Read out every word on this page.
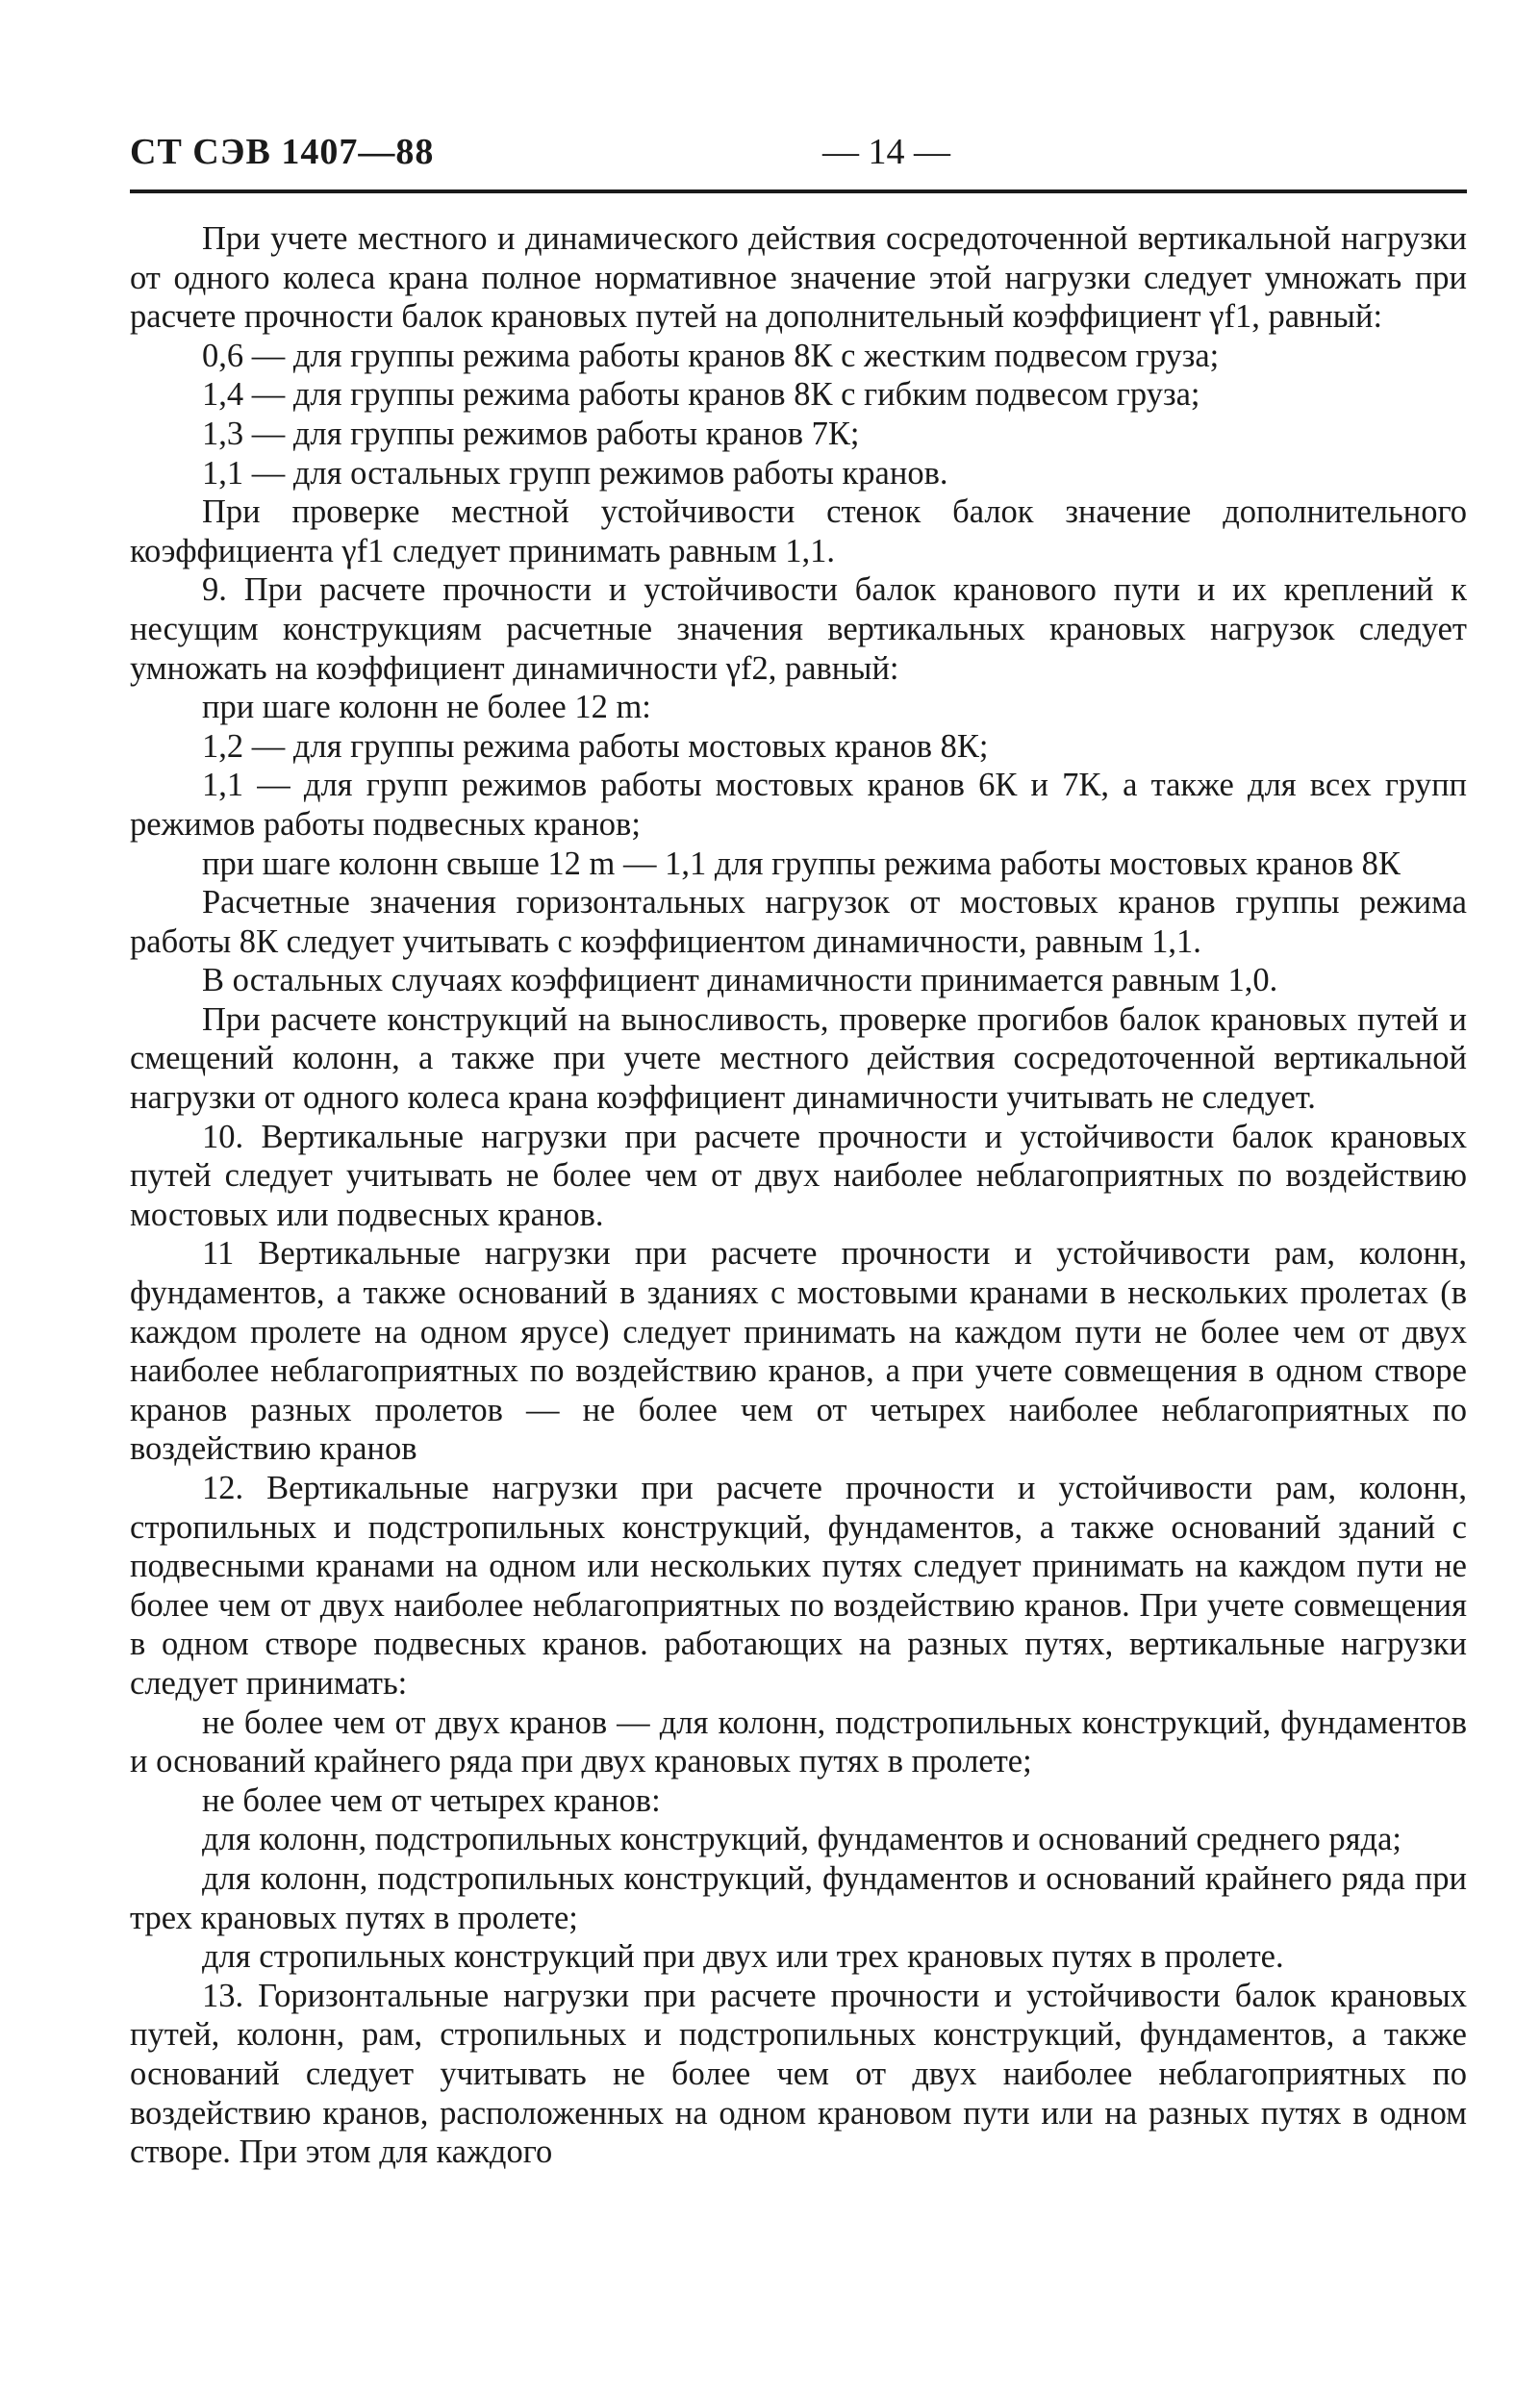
СТ СЭВ 1407—88	— 14 —

При учете местного и динамического действия сосредоточенной вертикальной нагрузки от одного колеса крана полное нормативное значение этой нагрузки следует умножать при расчете прочности балок крановых путей на дополнительный коэффициент γf1, равный:

0,6 — для группы режима работы кранов 8К с жестким подвесом груза;

1,4 — для группы режима работы кранов 8К с гибким подвесом груза;

1,3 — для группы режимов работы кранов 7К;

1,1 — для остальных групп режимов работы кранов.

При проверке местной устойчивости стенок балок значение дополнительного коэффициента γf1 следует принимать равным 1,1.

9. При расчете прочности и устойчивости балок кранового пути и их креплений к несущим конструкциям расчетные значения вертикальных крановых нагрузок следует умножать на коэффициент динамичности γf2, равный:

при шаге колонн не более 12 m:

1,2 — для группы режима работы мостовых кранов 8К;

1,1 — для групп режимов работы мостовых кранов 6К и 7К, а также для всех групп режимов работы подвесных кранов;

при шаге колонн свыше 12 m — 1,1 для группы режима работы мостовых кранов 8К

Расчетные значения горизонтальных нагрузок от мостовых кранов группы режима работы 8К следует учитывать с коэффициентом динамичности, равным 1,1.

В остальных случаях коэффициент динамичности принимается равным 1,0.

При расчете конструкций на выносливость, проверке прогибов балок крановых путей и смещений колонн, а также при учете местного действия сосредоточенной вертикальной нагрузки от одного колеса крана коэффициент динамичности учитывать не следует.

10. Вертикальные нагрузки при расчете прочности и устойчивости балок крановых путей следует учитывать не более чем от двух наиболее неблагоприятных по воздействию мостовых или подвесных кранов.

11 Вертикальные нагрузки при расчете прочности и устойчивости рам, колонн, фундаментов, а также оснований в зданиях с мостовыми кранами в нескольких пролетах (в каждом пролете на одном ярусе) следует принимать на каждом пути не более чем от двух наиболее неблагоприятных по воздействию кранов, а при учете совмещения в одном створе кранов разных пролетов — не более чем от четырех наиболее неблагоприятных по воздействию кранов

12. Вертикальные нагрузки при расчете прочности и устойчивости рам, колонн, стропильных и подстропильных конструкций, фундаментов, а также оснований зданий с подвесными кранами на одном или нескольких путях следует принимать на каждом пути не более чем от двух наиболее неблагоприятных по воздействию кранов. При учете совмещения в одном створе подвесных кранов. работающих на разных путях, вертикальные нагрузки следует принимать:

не более чем от двух кранов — для колонн, подстропильных конструкций, фундаментов и оснований крайнего ряда при двух крановых путях в пролете;

не более чем от четырех кранов:

для колонн, подстропильных конструкций, фундаментов и оснований среднего ряда;

для колонн, подстропильных конструкций, фундаментов и оснований крайнего ряда при трех крановых путях в пролете;

для стропильных конструкций при двух или трех крановых путях в пролете.

13. Горизонтальные нагрузки при расчете прочности и устойчивости балок крановых путей, колонн, рам, стропильных и подстропильных конструкций, фундаментов, а также оснований следует учитывать не более чем от двух наиболее неблагоприятных по воздействию кранов, расположенных на одном крановом пути или на разных путях в одном створе. При этом для каждого
